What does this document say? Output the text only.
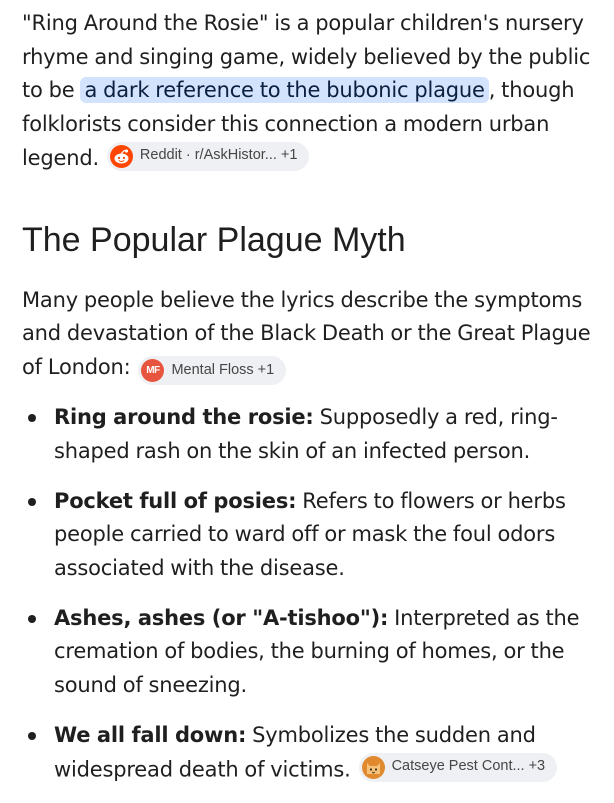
"Ring Around the Rosie" is a popular children's nursery rhyme and singing game, widely believed by the public to be a dark reference to the bubonic plague , though folklorists consider this connection a modern urban legend. Reddit · r/AskHistor... +1

The Popular Plague Myth

Many people believe the lyrics describe the symptoms and devastation of the Black Death or the Great Plague of London: MF Mental Floss +1

Ring around the rosie: Supposedly a red, ring-shaped rash on the skin of an infected person.
Pocket full of posies: Refers to flowers or herbs people carried to ward off or mask the foul odors associated with the disease.
Ashes, ashes (or "A-tishoo"): Interpreted as the cremation of bodies, the burning of homes, or the sound of sneezing.
We all fall down: Symbolizes the sudden and widespread death of victims. Catseye Pest Cont... +3
